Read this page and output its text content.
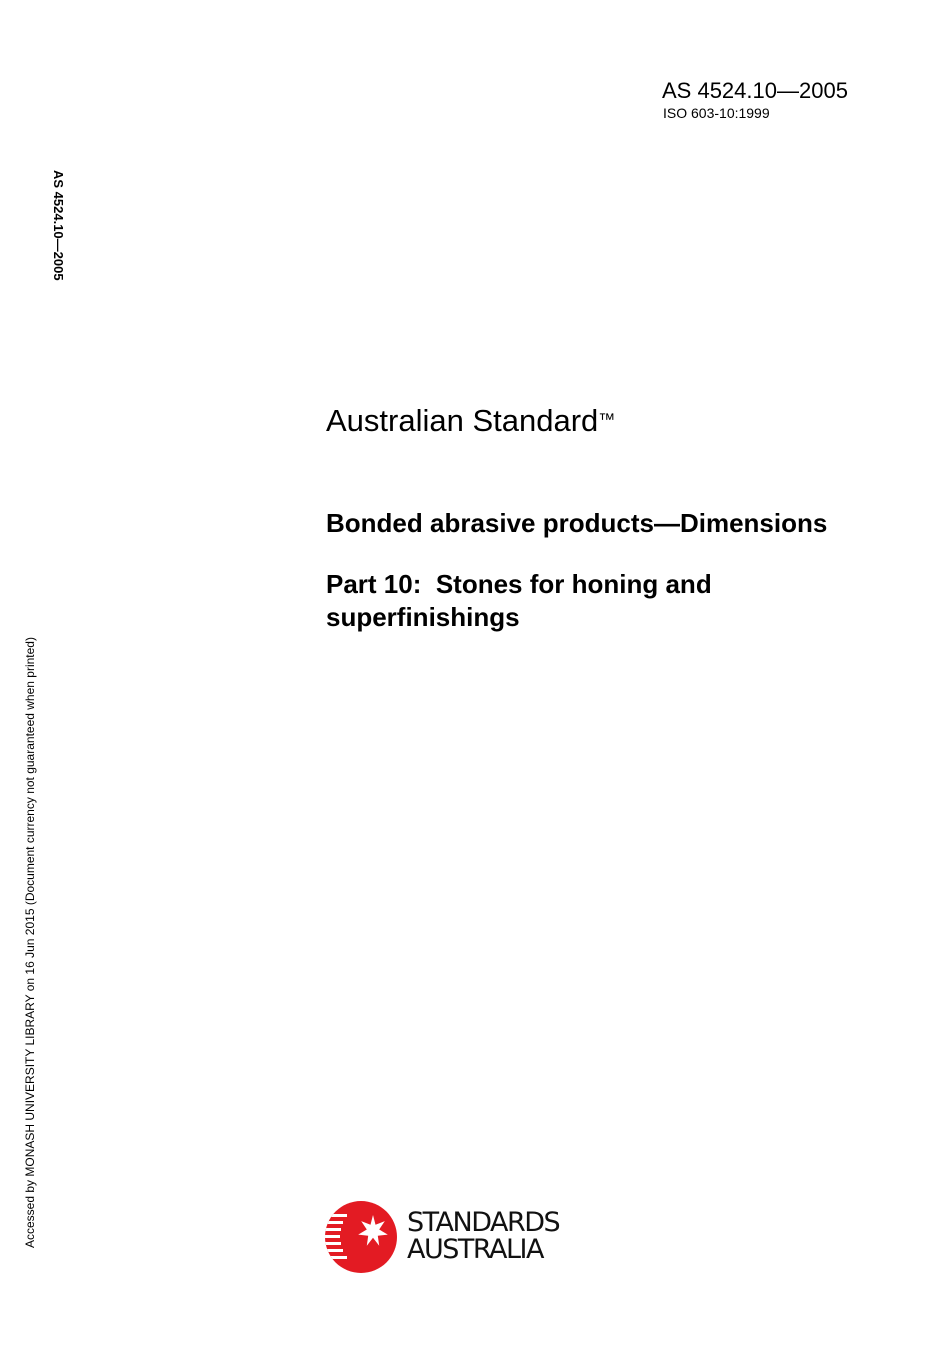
AS 4524.10—2005
ISO 603-10:1999
AS 4524.10—2005
Accessed by MONASH UNIVERSITY LIBRARY on 16 Jun 2015 (Document currency not guaranteed when printed)
Australian Standard™
Bonded abrasive products—Dimensions
Part 10:  Stones for honing and
superfinishings
STANDARDS
AUSTRALIA
